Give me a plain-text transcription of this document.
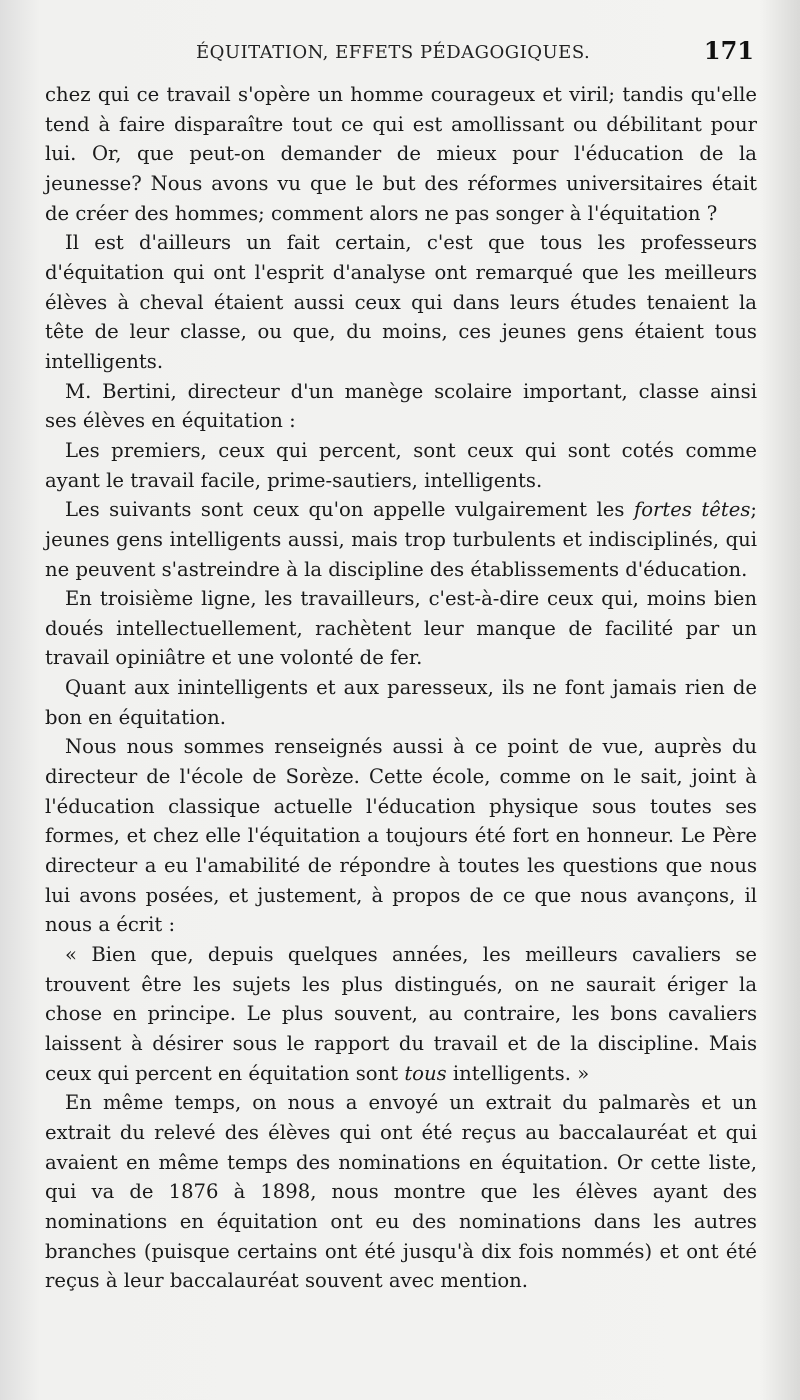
ÉQUITATION, EFFETS PÉDAGOGIQUES.	171

chez qui ce travail s'opère un homme courageux et viril; tandis qu'elle tend à faire disparaître tout ce qui est amollissant ou débilitant pour lui. Or, que peut-on demander de mieux pour l'éducation de la jeunesse? Nous avons vu que le but des réformes universitaires était de créer des hommes; comment alors ne pas songer à l'équitation ?

Il est d'ailleurs un fait certain, c'est que tous les professeurs d'équitation qui ont l'esprit d'analyse ont remarqué que les meilleurs élèves à cheval étaient aussi ceux qui dans leurs études tenaient la tête de leur classe, ou que, du moins, ces jeunes gens étaient tous intelligents.

M. Bertini, directeur d'un manège scolaire important, classe ainsi ses élèves en équitation :

Les premiers, ceux qui percent, sont ceux qui sont cotés comme ayant le travail facile, prime-sautiers, intelligents.

Les suivants sont ceux qu'on appelle vulgairement les fortes têtes; jeunes gens intelligents aussi, mais trop turbulents et indisciplinés, qui ne peuvent s'astreindre à la discipline des établissements d'éducation.

En troisième ligne, les travailleurs, c'est-à-dire ceux qui, moins bien doués intellectuellement, rachètent leur manque de facilité par un travail opiniâtre et une volonté de fer.

Quant aux inintelligents et aux paresseux, ils ne font jamais rien de bon en équitation.

Nous nous sommes renseignés aussi à ce point de vue, auprès du directeur de l'école de Sorèze. Cette école, comme on le sait, joint à l'éducation classique actuelle l'éducation physique sous toutes ses formes, et chez elle l'équitation a toujours été fort en honneur. Le Père directeur a eu l'amabilité de répondre à toutes les questions que nous lui avons posées, et justement, à propos de ce que nous avançons, il nous a écrit :

« Bien que, depuis quelques années, les meilleurs cavaliers se trouvent être les sujets les plus distingués, on ne saurait ériger la chose en principe. Le plus souvent, au contraire, les bons cavaliers laissent à désirer sous le rapport du travail et de la discipline. Mais ceux qui percent en équitation sont tous intelligents. »

En même temps, on nous a envoyé un extrait du palmarès et un extrait du relevé des élèves qui ont été reçus au baccalauréat et qui avaient en même temps des nominations en équitation. Or cette liste, qui va de 1876 à 1898, nous montre que les élèves ayant des nominations en équitation ont eu des nominations dans les autres branches (puisque certains ont été jusqu'à dix fois nommés) et ont été reçus à leur baccalauréat souvent avec mention.
